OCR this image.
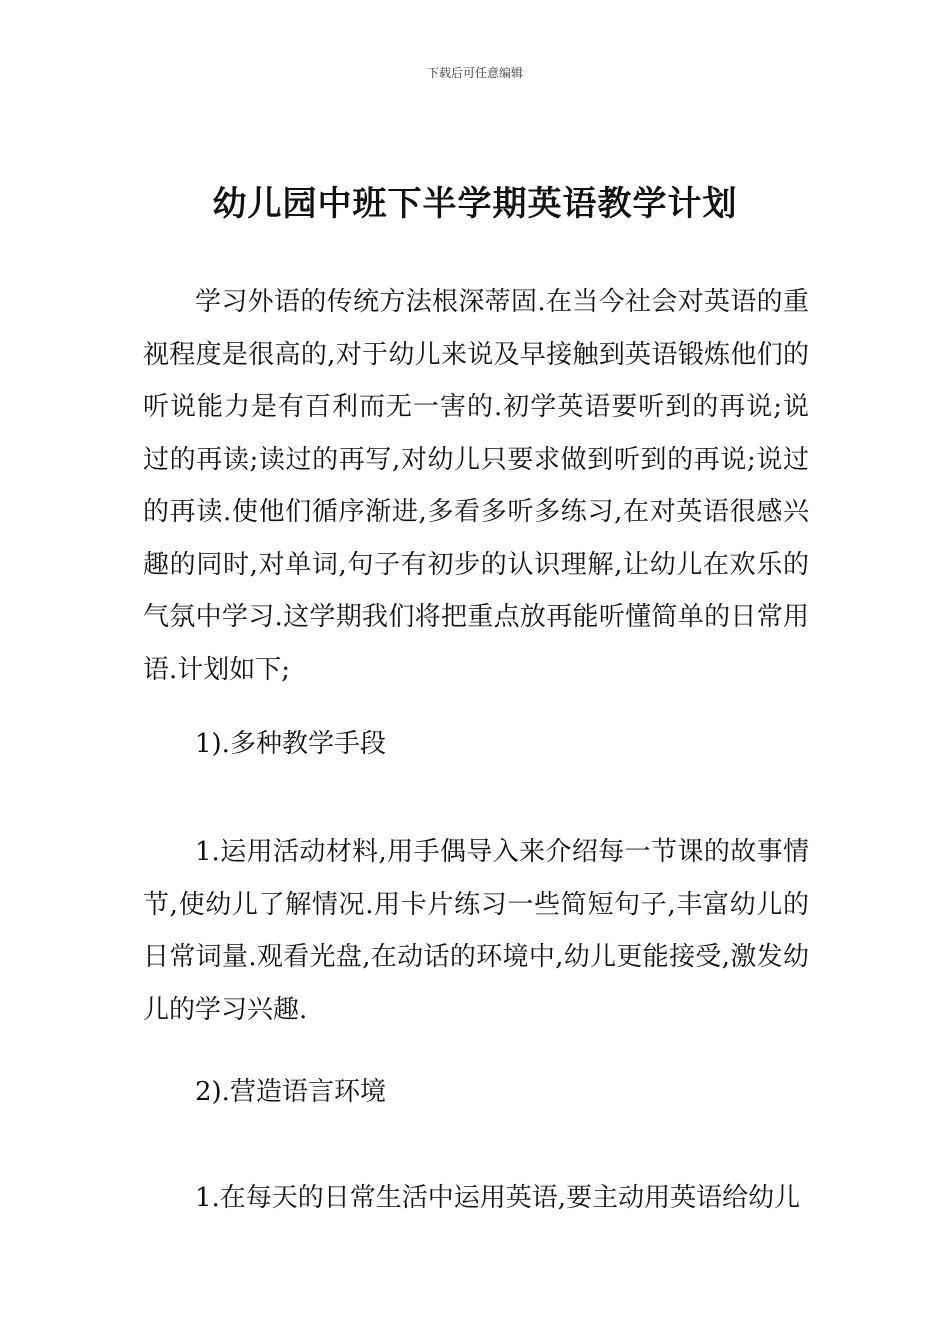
下载后可任意编辑
幼儿园中班下半学期英语教学计划

学习外语的传统方法根深蒂固.在当今社会对英语的重视程度是很高的,对于幼儿来说及早接触到英语锻炼他们的听说能力是有百利而无一害的.初学英语要听到的再说;说过的再读;读过的再写,对幼儿只要求做到听到的再说;说过的再读.使他们循序渐进,多看多听多练习,在对英语很感兴趣的同时,对单词,句子有初步的认识理解,让幼儿在欢乐的气氛中学习.这学期我们将把重点放再能听懂简单的日常用语.计划如下;

1).多种教学手段

1.运用活动材料,用手偶导入来介绍每一节课的故事情节,使幼儿了解情况.用卡片练习一些简短句子,丰富幼儿的日常词量.观看光盘,在动话的环境中,幼儿更能接受,激发幼儿的学习兴趣.

2).营造语言环境

1.在每天的日常生活中运用英语,要主动用英语给幼儿
